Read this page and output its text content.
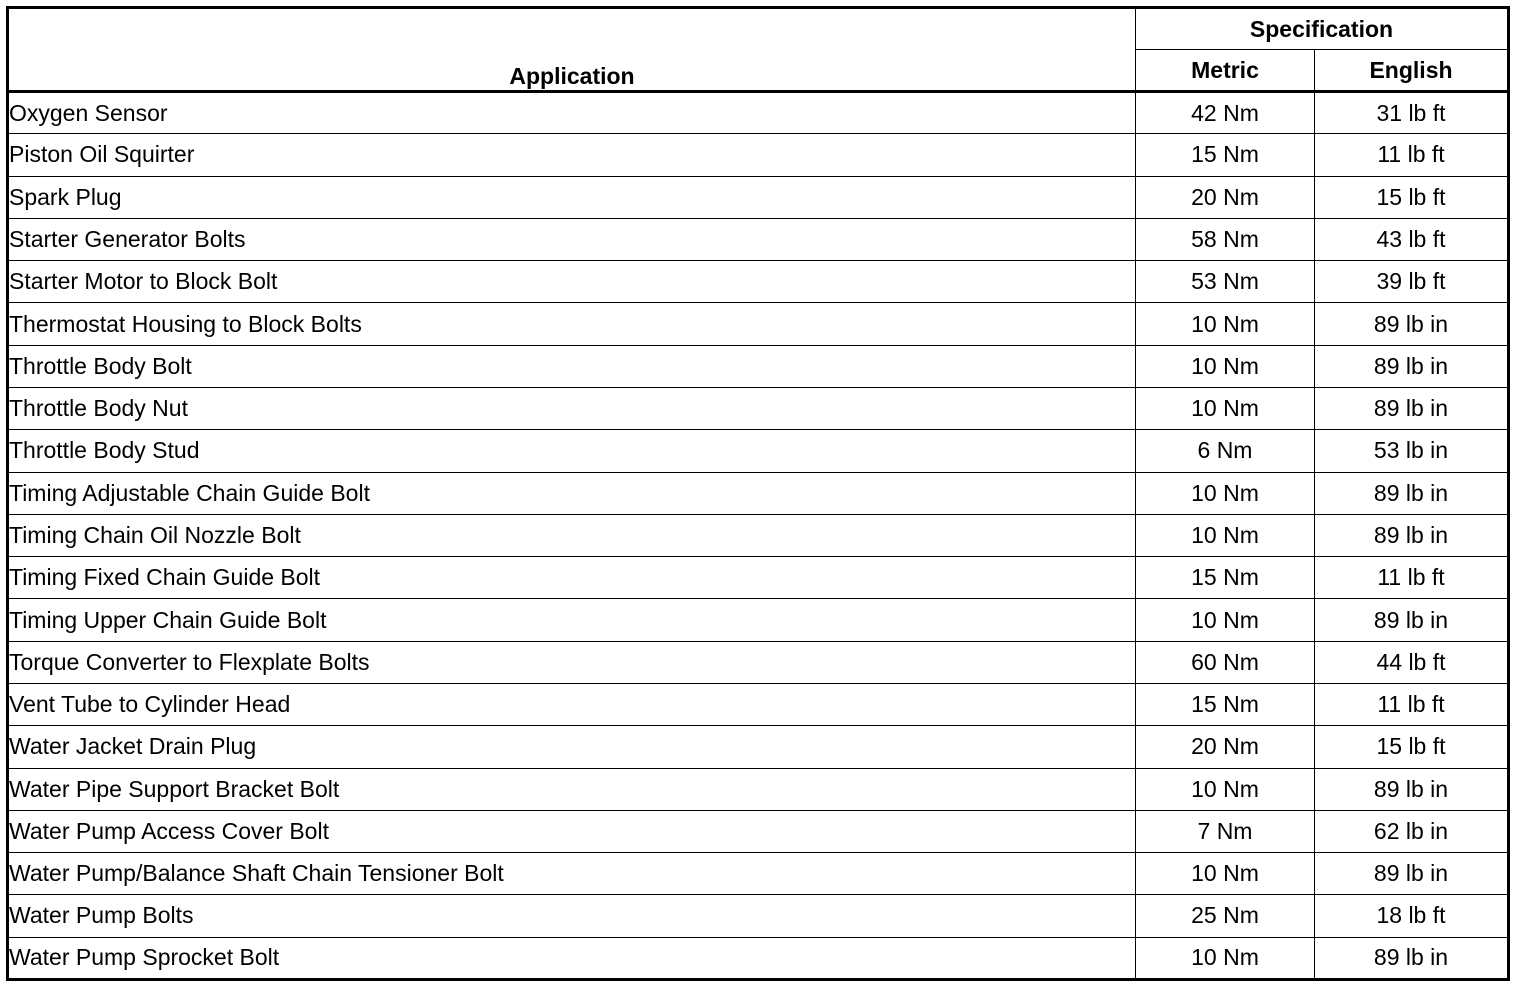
Application	Specification	
	Metric	English
Oxygen Sensor	42 Nm	31 lb ft
Piston Oil Squirter	15 Nm	11 lb ft
Spark Plug	20 Nm	15 lb ft
Starter Generator Bolts	58 Nm	43 lb ft
Starter Motor to Block Bolt	53 Nm	39 lb ft
Thermostat Housing to Block Bolts	10 Nm	89 lb in
Throttle Body Bolt	10 Nm	89 lb in
Throttle Body Nut	10 Nm	89 lb in
Throttle Body Stud	6 Nm	53 lb in
Timing Adjustable Chain Guide Bolt	10 Nm	89 lb in
Timing Chain Oil Nozzle Bolt	10 Nm	89 lb in
Timing Fixed Chain Guide Bolt	15 Nm	11 lb ft
Timing Upper Chain Guide Bolt	10 Nm	89 lb in
Torque Converter to Flexplate Bolts	60 Nm	44 lb ft
Vent Tube to Cylinder Head	15 Nm	11 lb ft
Water Jacket Drain Plug	20 Nm	15 lb ft
Water Pipe Support Bracket Bolt	10 Nm	89 lb in
Water Pump Access Cover Bolt	7 Nm	62 lb in
Water Pump/Balance Shaft Chain Tensioner Bolt	10 Nm	89 lb in
Water Pump Bolts	25 Nm	18 lb ft
Water Pump Sprocket Bolt	10 Nm	89 lb in
